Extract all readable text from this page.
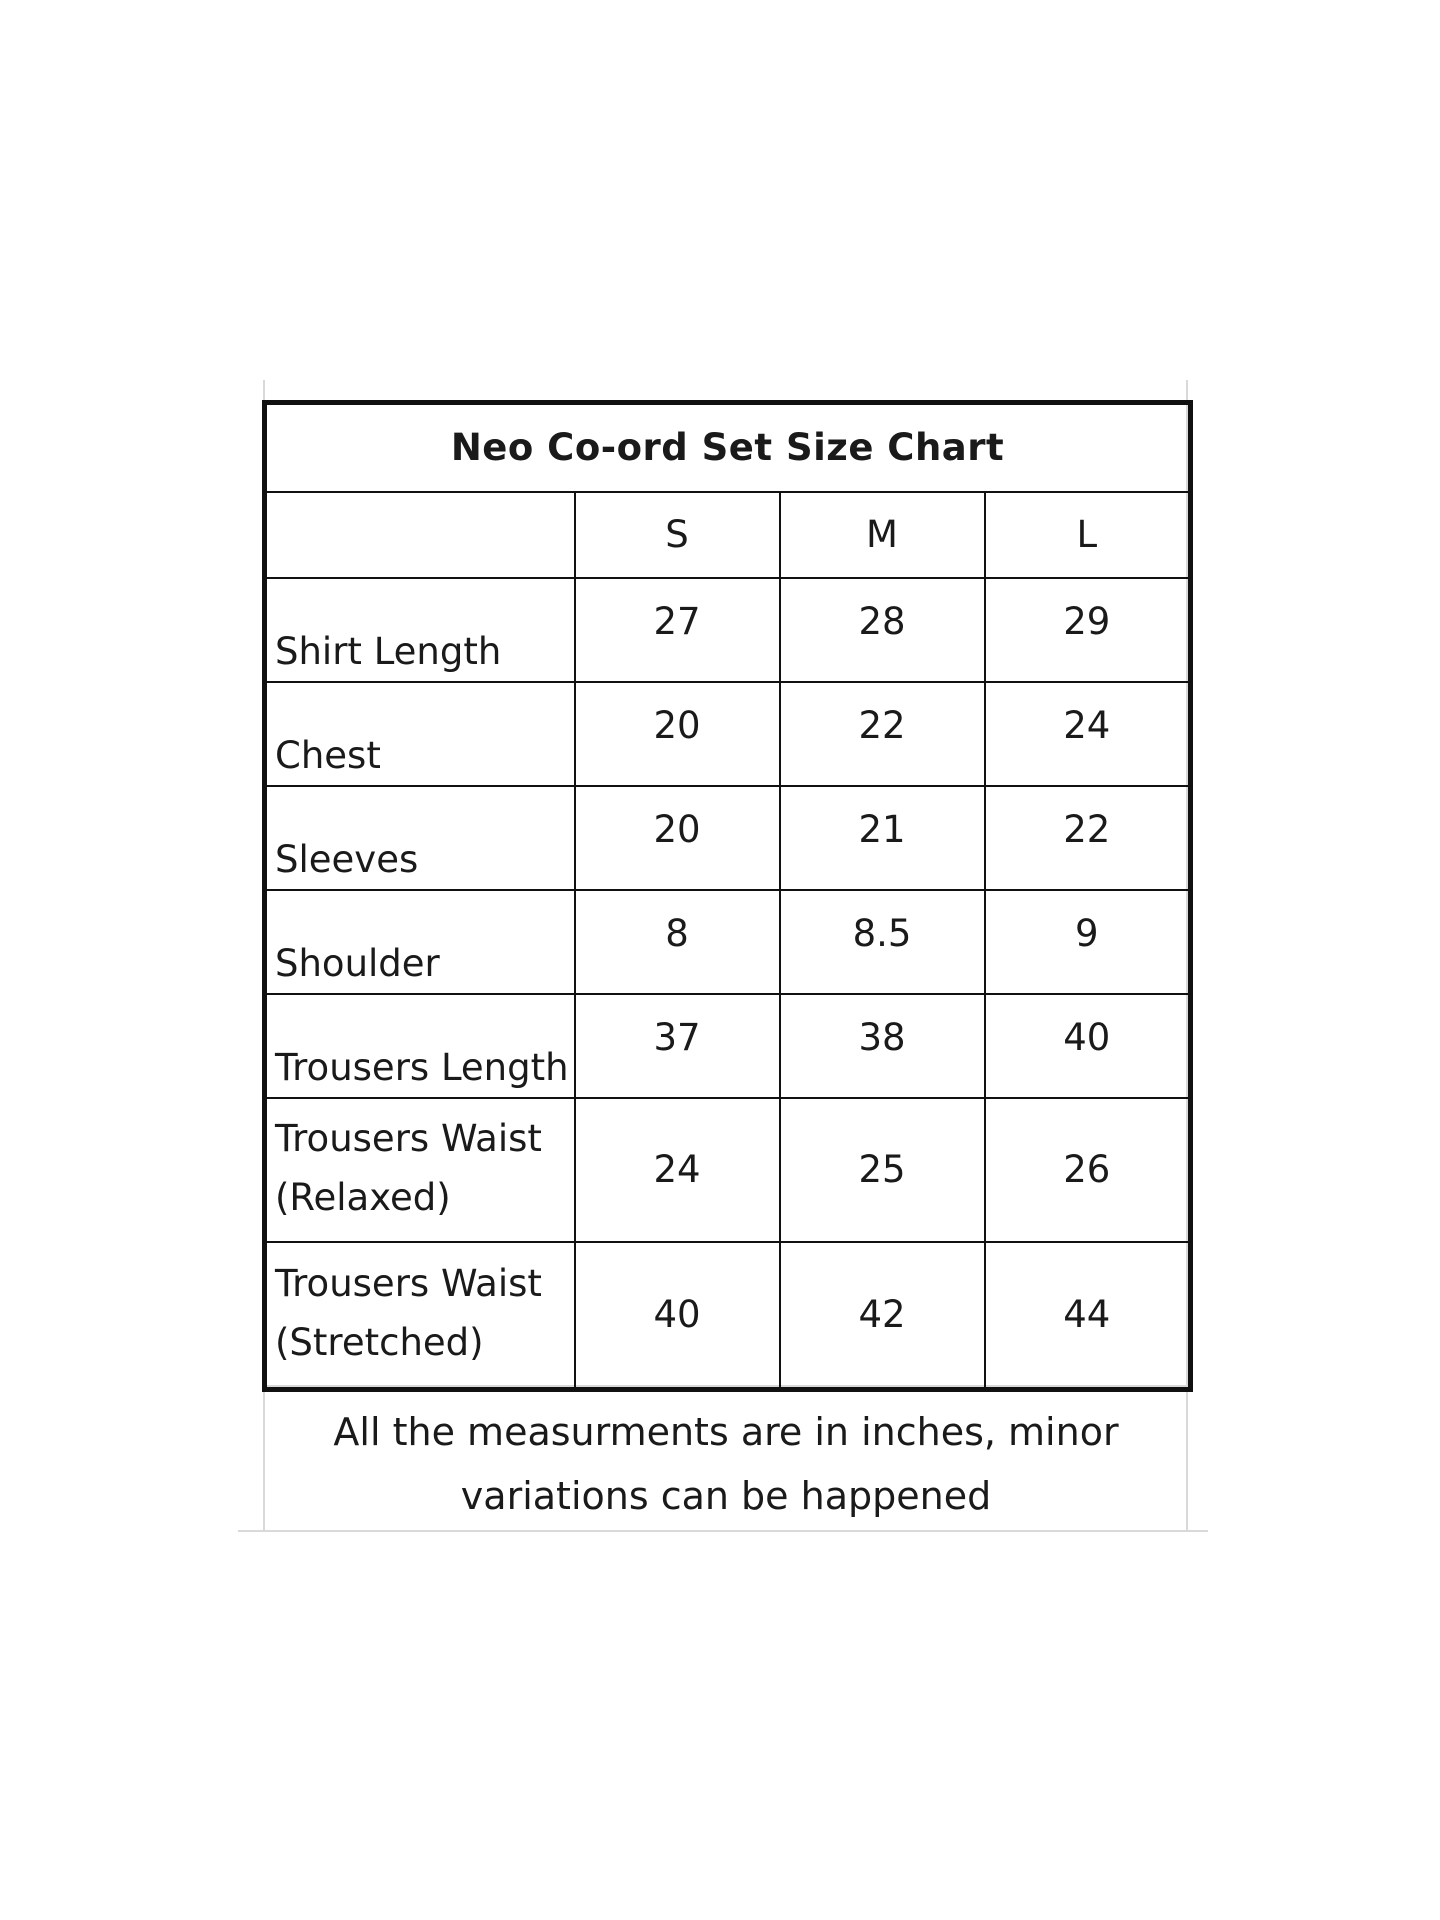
Neo Co-ord Set Size Chart			
	S	M	L
Shirt Length	27	28	29
Chest	20	22	24
Sleeves	20	21	22
Shoulder	8	8.5	9
Trousers Length	37	38	40
Trousers Waist
(Relaxed)	24	25	26
Trousers Waist
(Stretched)	40	42	44
All the measurments are in inches, minor
variations can be happened
